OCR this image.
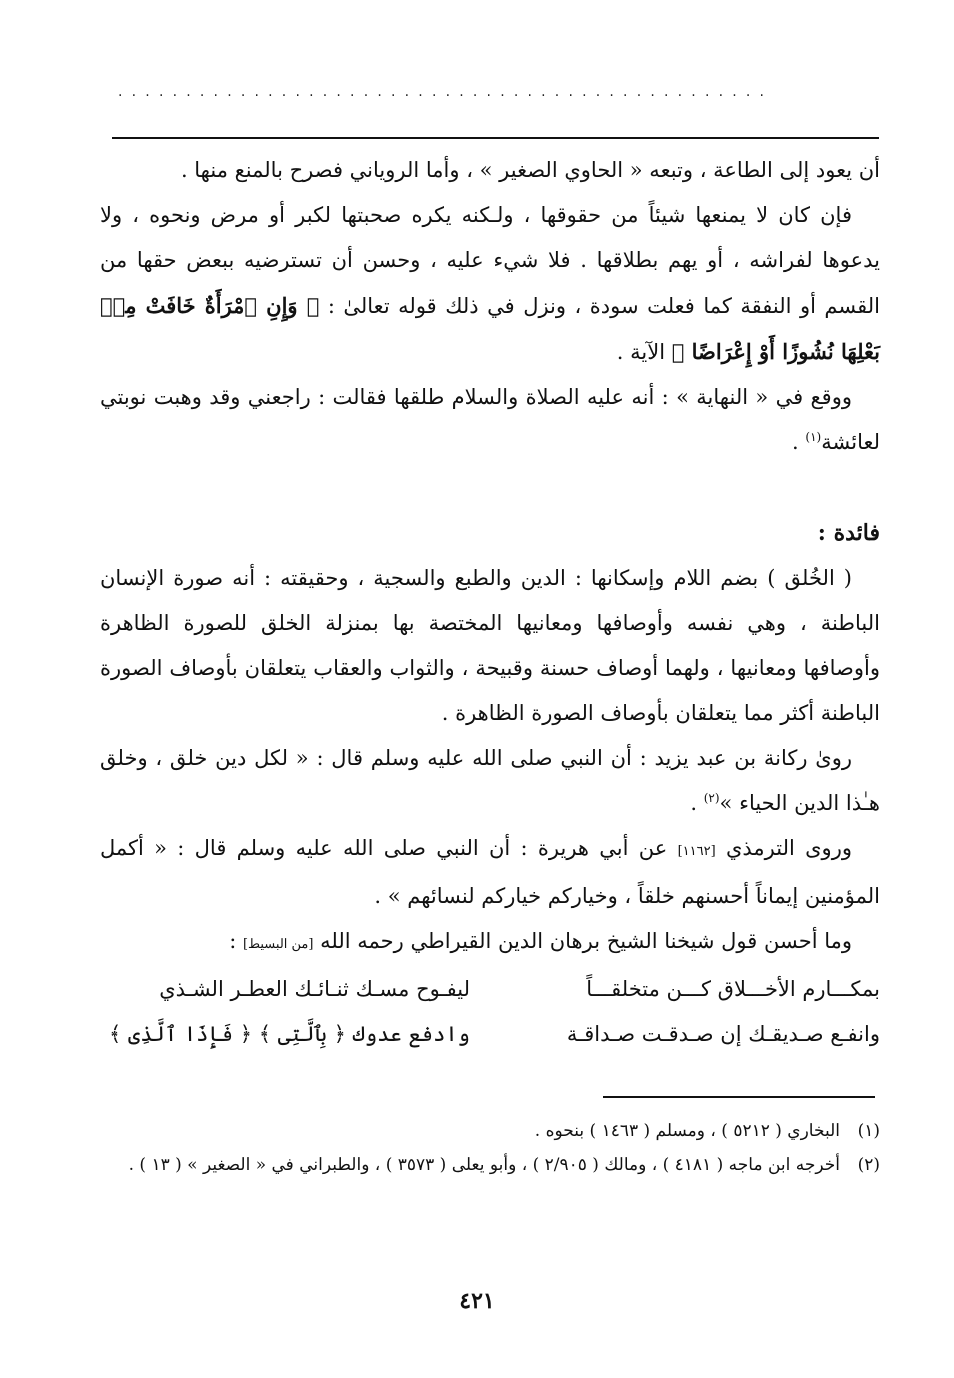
................................................

أن يعود إلى الطاعة ، وتبعه « الحاوي الصغير » ، وأما الروياني فصرح بالمنع منها .

فإن كان لا يمنعها شيئاً من حقوقها ، ولـكنه يكره صحبتها لكبر أو مرض ونحوه ، ولا يدعوها لفراشه ، أو يهم بطلاقها . فلا شيء عليه ، وحسن أن تسترضيه ببعض حقها من القسم أو النفقة كما فعلت سودة ، ونزل في ذلك قوله تعالىٰ : ﴿ وَإِنِ ٱمْرَأَةٌ خَافَتْ مِنۢ بَعْلِهَا نُشُوزًا أَوْ إِعْرَاضًا ﴾ الآية .

ووقع في « النهاية » : أنه عليه الصلاة والسلام طلقها فقالت : راجعني وقد وهبت نوبتي لعائشة$^{(١)}$ .

فائدة :

( الخُلق ) بضم اللام وإسكانها : الدين والطبع والسجية ، وحقيقته : أنه صورة الإنسان الباطنة ، وهي نفسه وأوصافها ومعانيها المختصة بها بمنزلة الخلق للصورة الظاهرة وأوصافها ومعانيها ، ولهما أوصاف حسنة وقبيحة ، والثواب والعقاب يتعلقان بأوصاف الصورة الباطنة أكثر مما يتعلقان بأوصاف الصورة الظاهرة .

روىٰ ركانة بن عبد يزيد : أن النبي صلى الله عليه وسلم قال : « لكل دين خلق ، وخلق هـٰذا الدين الحياء »$^{(٢)}$ .

وروى الترمذي [١١٦٢] عن أبي هريرة : أن النبي صلى الله عليه وسلم قال : « أكمل المؤمنين إيماناً أحسنهم خلقاً ، وخياركم خياركم لنسائهم » .

وما أحسن قول شيخنا الشيخ برهان الدين القيراطي رحمه الله [من البسيط] :

بمكـــارم الأخـــلاق كـــن متخلقـــاً
ليفـوح مسـك ثنـائـك العطـر الشـذي
وانفـع صـديقـك إن صـدقـت صـداقـة
وادفع عدوك ﴿ بِٱلَّتِى ﴾ ﴿ فَإِذَا ٱلَّذِى ﴾
(١)
البخاري ( ٥٢١٢ ) ، ومسلم ( ١٤٦٣ ) بنحوه .
(٢)
أخرجه ابن ماجه ( ٤١٨١ ) ، ومالك ( ٢/٩٠٥ ) ، وأبو يعلى ( ٣٥٧٣ ) ، والطبراني في « الصغير » ( ١٣ ) .
٤٢١
